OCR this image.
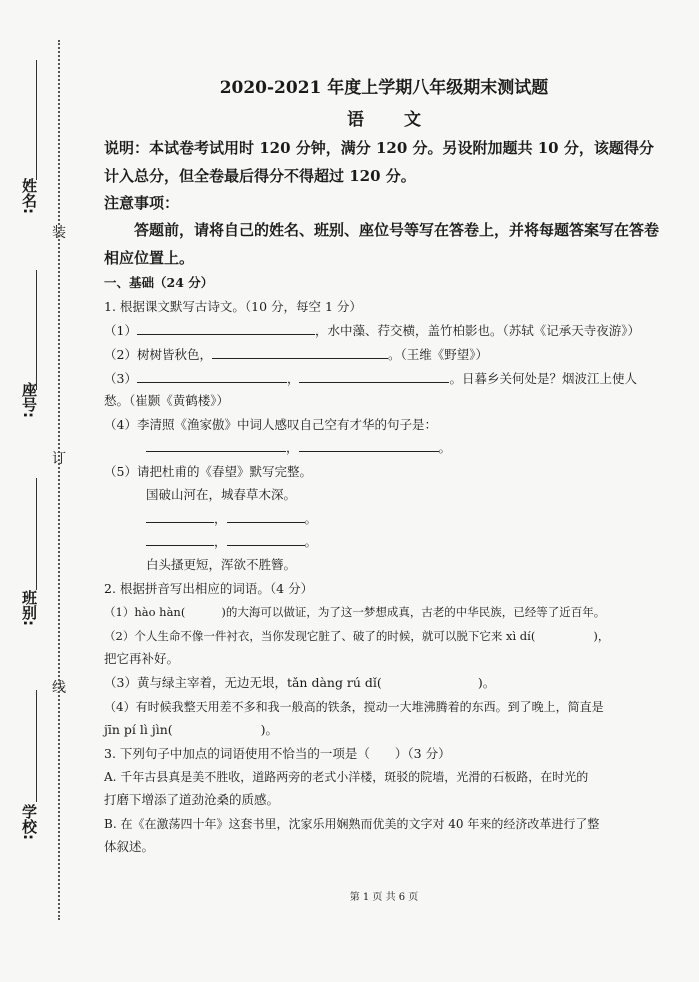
姓名:
座号:
班别:
学校:
装
订
线
2020-2021 年度上学期八年级期末测试题
语文
说明：本试卷考试用时 120 分钟，满分 120 分。另设附加题共 10 分，该题得分计入总分，但全卷最后得分不得超过 120 分。
注意事项：
答题前，请将自己的姓名、班别、座位号等写在答卷上，并将每题答案写在答卷相应位置上。
一、基础（24 分）
1. 根据课文默写古诗文。（10 分，每空 1 分）
（1）	，水中藻、荇交横，盖竹柏影也。（苏轼《记承天寺夜游》）
（2）树树皆秋色，	。（王维《野望》）
（3）	，	。日暮乡关何处是？烟波江上使人
愁。（崔颢《黄鹤楼》）
（4）李清照《渔家傲》中词人感叹自己空有才华的句子是：
，	。
（5）请把杜甫的《春望》默写完整。
国破山河在，城春草木深。
，	。
，	。
白头搔更短，浑欲不胜簪。
2. 根据拼音写出相应的词语。（4 分）
（1）hào hàn(	)的大海可以做证，为了这一梦想成真，古老的中华民族，已经等了近百年。
（2）个人生命不像一件衬衣，当你发现它脏了、破了的时候，就可以脱下它来 xì dí(	)，
把它再补好。
（3）黄与绿主宰着，无边无垠，tǎn dàng rú dǐ(	)。
（4）有时候我整天用差不多和我一般高的铁条，搅动一大堆沸腾着的东西。到了晚上，简直是
jīn pí lì jìn(	)。
3. 下列句子中加点的词语使用不恰当的一项是（　　）（3 分）
A. 千年古县真是美不胜收，道路两旁的老式小洋楼，斑驳的院墙，光滑的石板路，在时光的
打磨下增添了道劲沧桑的质感。
B. 在《在激荡四十年》这套书里，沈家乐用娴熟而优美的文字对 40 年来的经济改革进行了整
体叙述。
第 1 页 共 6 页
